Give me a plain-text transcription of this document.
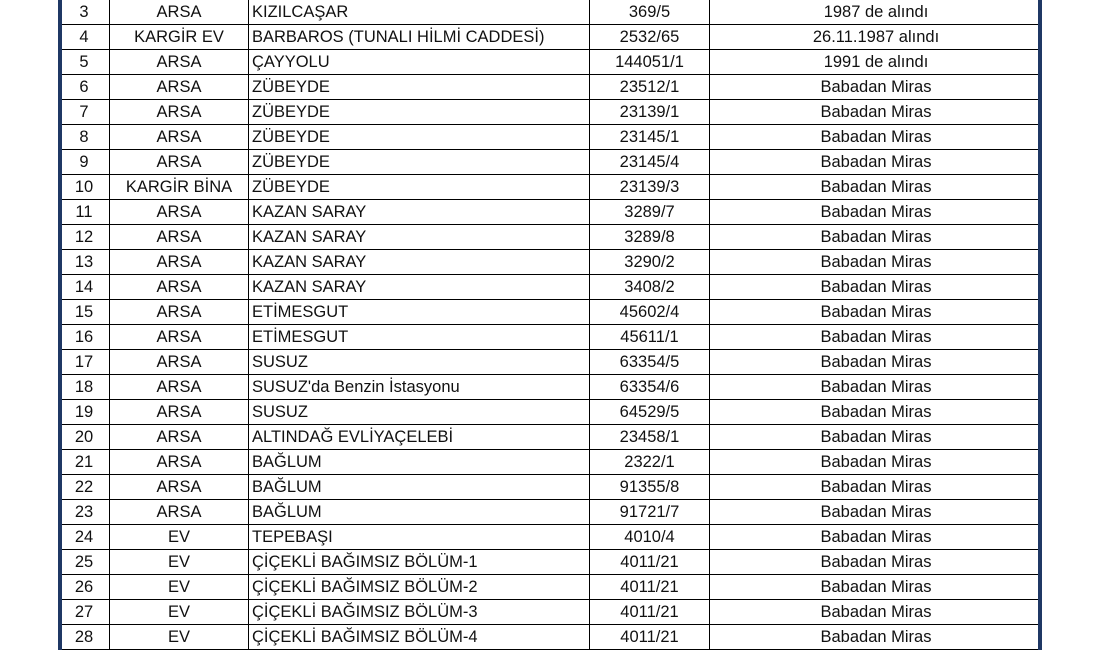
3	ARSA	KIZILCAŞAR	369/5	1987 de alındı
4	KARGİR EV	BARBAROS (TUNALI HİLMİ CADDESİ)	2532/65	26.11.1987 alındı
5	ARSA	ÇAYYOLU	144051/1	1991 de alındı
6	ARSA	ZÜBEYDE	23512/1	Babadan Miras
7	ARSA	ZÜBEYDE	23139/1	Babadan Miras
8	ARSA	ZÜBEYDE	23145/1	Babadan Miras
9	ARSA	ZÜBEYDE	23145/4	Babadan Miras
10	KARGİR BİNA	ZÜBEYDE	23139/3	Babadan Miras
11	ARSA	KAZAN SARAY	3289/7	Babadan Miras
12	ARSA	KAZAN SARAY	3289/8	Babadan Miras
13	ARSA	KAZAN SARAY	3290/2	Babadan Miras
14	ARSA	KAZAN SARAY	3408/2	Babadan Miras
15	ARSA	ETİMESGUT	45602/4	Babadan Miras
16	ARSA	ETİMESGUT	45611/1	Babadan Miras
17	ARSA	SUSUZ	63354/5	Babadan Miras
18	ARSA	SUSUZ'da Benzin İstasyonu	63354/6	Babadan Miras
19	ARSA	SUSUZ	64529/5	Babadan Miras
20	ARSA	ALTINDAĞ EVLİYAÇELEBİ	23458/1	Babadan Miras
21	ARSA	BAĞLUM	2322/1	Babadan Miras
22	ARSA	BAĞLUM	91355/8	Babadan Miras
23	ARSA	BAĞLUM	91721/7	Babadan Miras
24	EV	TEPEBAŞI	4010/4	Babadan Miras
25	EV	ÇİÇEKLİ BAĞIMSIZ BÖLÜM-1	4011/21	Babadan Miras
26	EV	ÇİÇEKLİ BAĞIMSIZ BÖLÜM-2	4011/21	Babadan Miras
27	EV	ÇİÇEKLİ BAĞIMSIZ BÖLÜM-3	4011/21	Babadan Miras
28	EV	ÇİÇEKLİ BAĞIMSIZ BÖLÜM-4	4011/21	Babadan Miras
